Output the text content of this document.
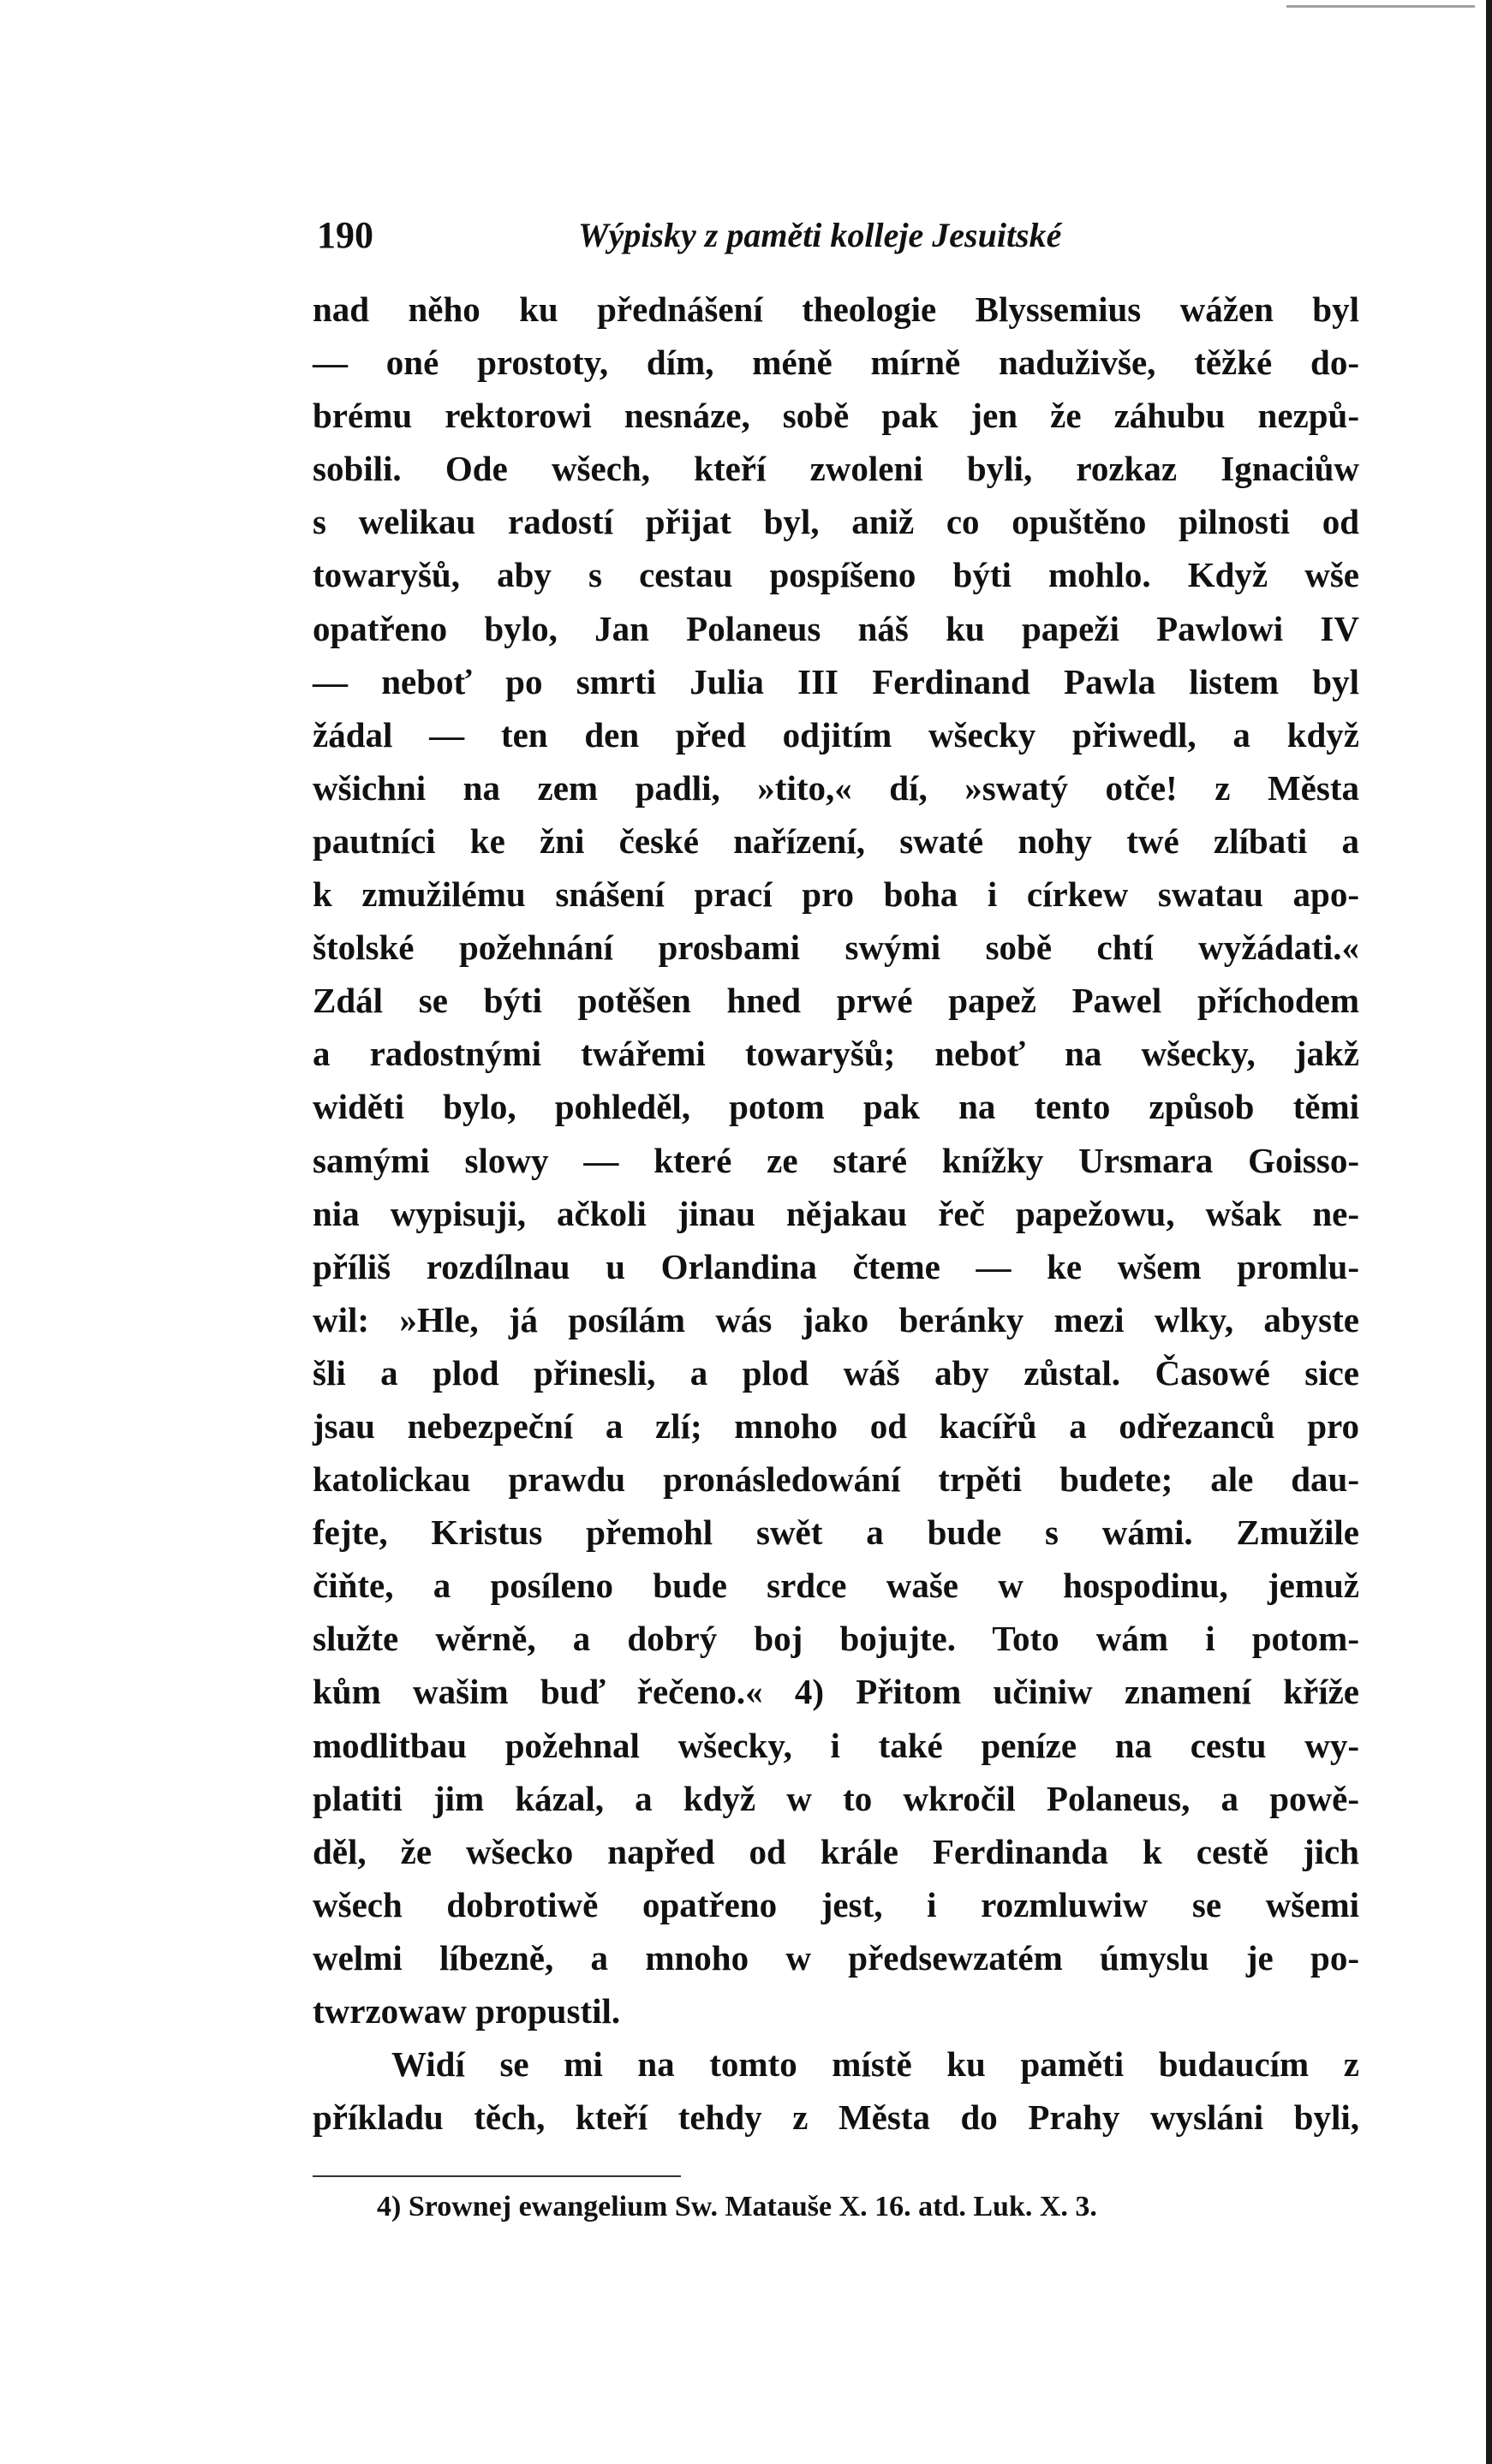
190	Wýpisky z paměti kolleje Jesuitské
nad něho ku přednášení theologie Blyssemius wážen byl
— oné prostoty, dím, méně mírně naduživše, těžké do-
brému rektorowi nesnáze, sobě pak jen že záhubu nezpů-
sobili. Ode wšech, kteří zwoleni byli, rozkaz Ignaciůw
s welikau radostí přijat byl, aniž co opuštěno pilnosti od
towaryšů, aby s cestau pospíšeno býti mohlo. Když wše
opatřeno bylo, Jan Polaneus náš ku papeži Pawlowi IV
— neboť po smrti Julia III Ferdinand Pawla listem byl
žádal — ten den před odjitím wšecky přiwedl, a když
wšichni na zem padli, »tito,« dí, »swatý otče! z Města
pautníci ke žni české nařízení, swaté nohy twé zlíbati a
k zmužilému snášení prací pro boha i církew swatau apo-
štolské požehnání prosbami swými sobě chtí wyžádati.«
Zdál se býti potěšen hned prwé papež Pawel příchodem
a radostnými twářemi towaryšů; neboť na wšecky, jakž
widěti bylo, pohleděl, potom pak na tento způsob těmi
samými slowy — které ze staré knížky Ursmara Goisso-
nia wypisuji, ačkoli jinau nějakau řeč papežowu, wšak ne-
příliš rozdílnau u Orlandina čteme — ke wšem promlu-
wil: »Hle, já posílám wás jako beránky mezi wlky, abyste
šli a plod přinesli, a plod wáš aby zůstal. Časowé sice
jsau nebezpeční a zlí; mnoho od kacířů a odřezanců pro
katolickau prawdu pronásledowání trpěti budete; ale dau-
fejte, Kristus přemohl swět a bude s wámi. Zmužile
čiňte, a posíleno bude srdce waše w hospodinu, jemuž
služte wěrně, a dobrý boj bojujte. Toto wám i potom-
kům wašim buď řečeno.« 4) Přitom učiniw znamení kříže
modlitbau požehnal wšecky, i také peníze na cestu wy-
platiti jim kázal, a když w to wkročil Polaneus, a powě-
děl, že wšecko napřed od krále Ferdinanda k cestě jich
wšech dobrotiwě opatřeno jest, i rozmluwiw se wšemi
welmi líbezně, a mnoho w předsewzatém úmyslu je po-
twrzowaw propustil.
Widí se mi na tomto místě ku paměti budaucím z
příkladu těch, kteří tehdy z Města do Prahy wysláni byli,
4) Srownej ewangelium Sw. Matauše X. 16. atd. Luk. X. 3.
